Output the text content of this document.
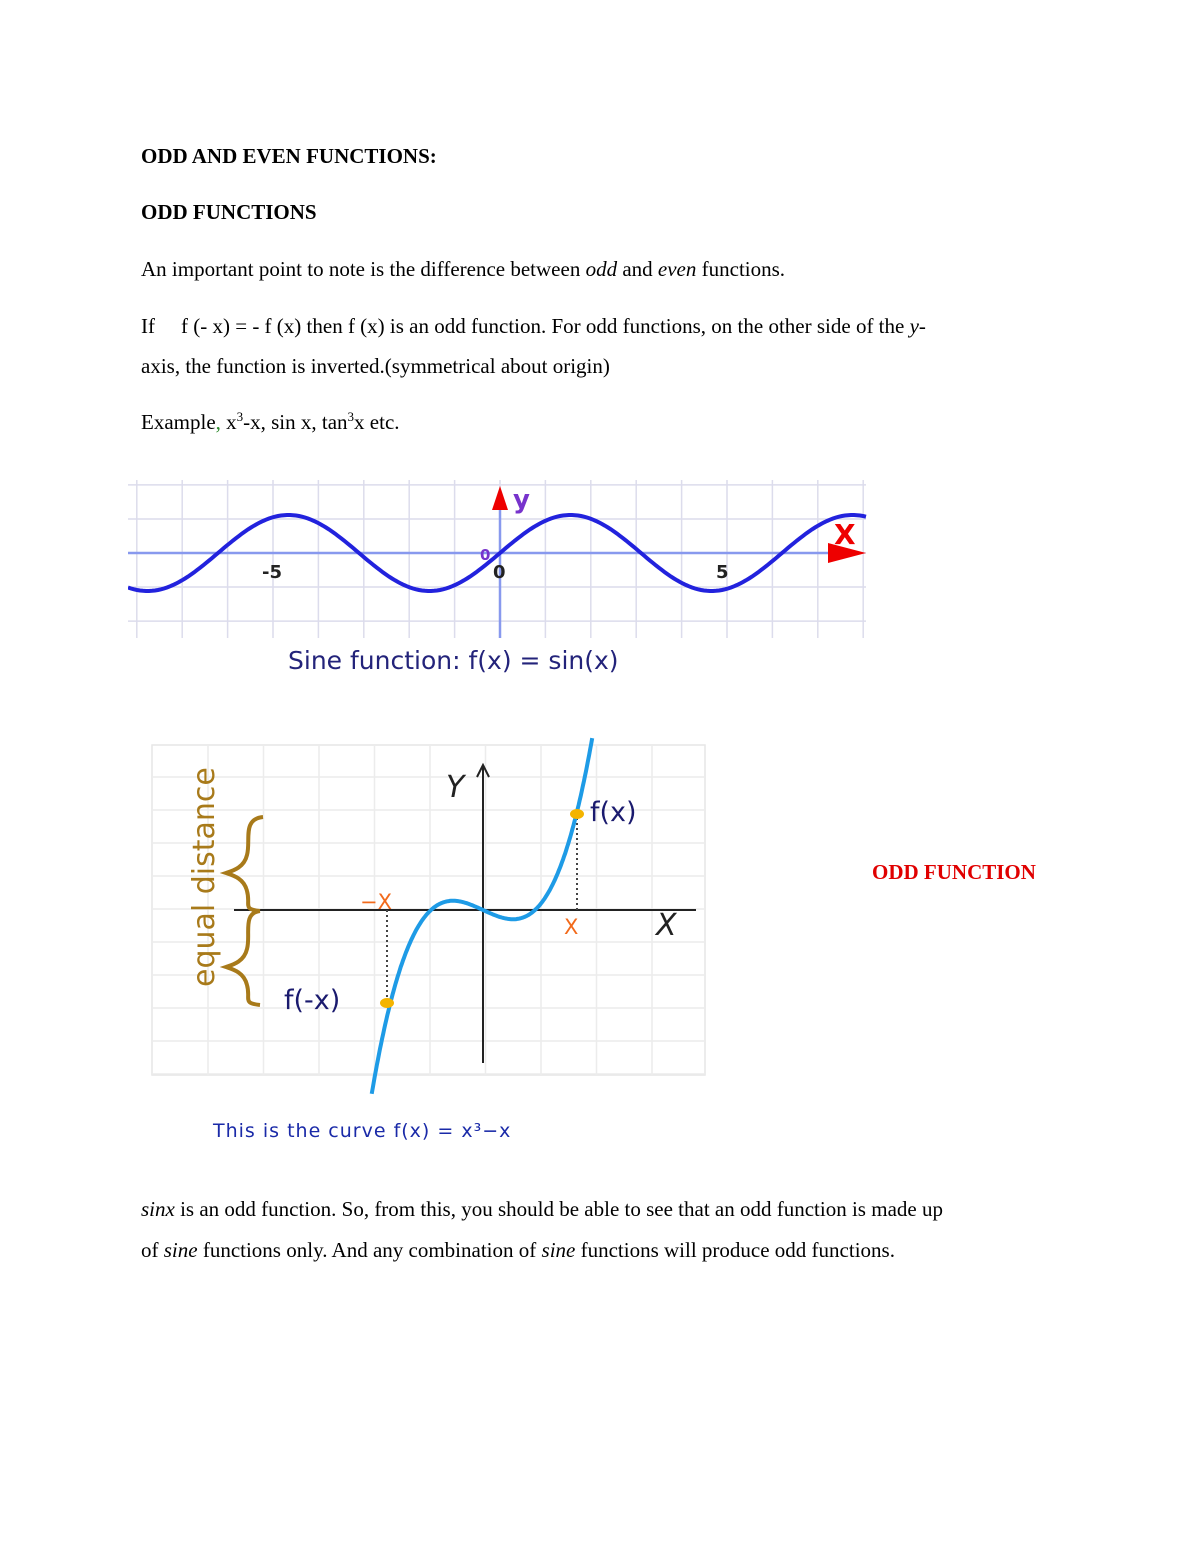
ODD AND EVEN FUNCTIONS:
ODD FUNCTIONS
An important point to note is the difference between odd and even functions.
If f (- x) = - f (x) then f (x) is an odd function. For odd functions, on the other side of the y-
axis, the function is inverted.(symmetrical about origin)
Example, $x^3-x$, sin x, $\tan^3x$ etc.
X
y
-5	0
0
5
Sine function: f(x) = sin(x)
Y
X
f(x)
f(-x)
−X
X
equal distance
This is the curve f(x) = x³−x
ODD FUNCTION
sinx is an odd function. So, from this, you should be able to see that an odd function is made up
of sine functions only. And any combination of sine functions will produce odd functions.
